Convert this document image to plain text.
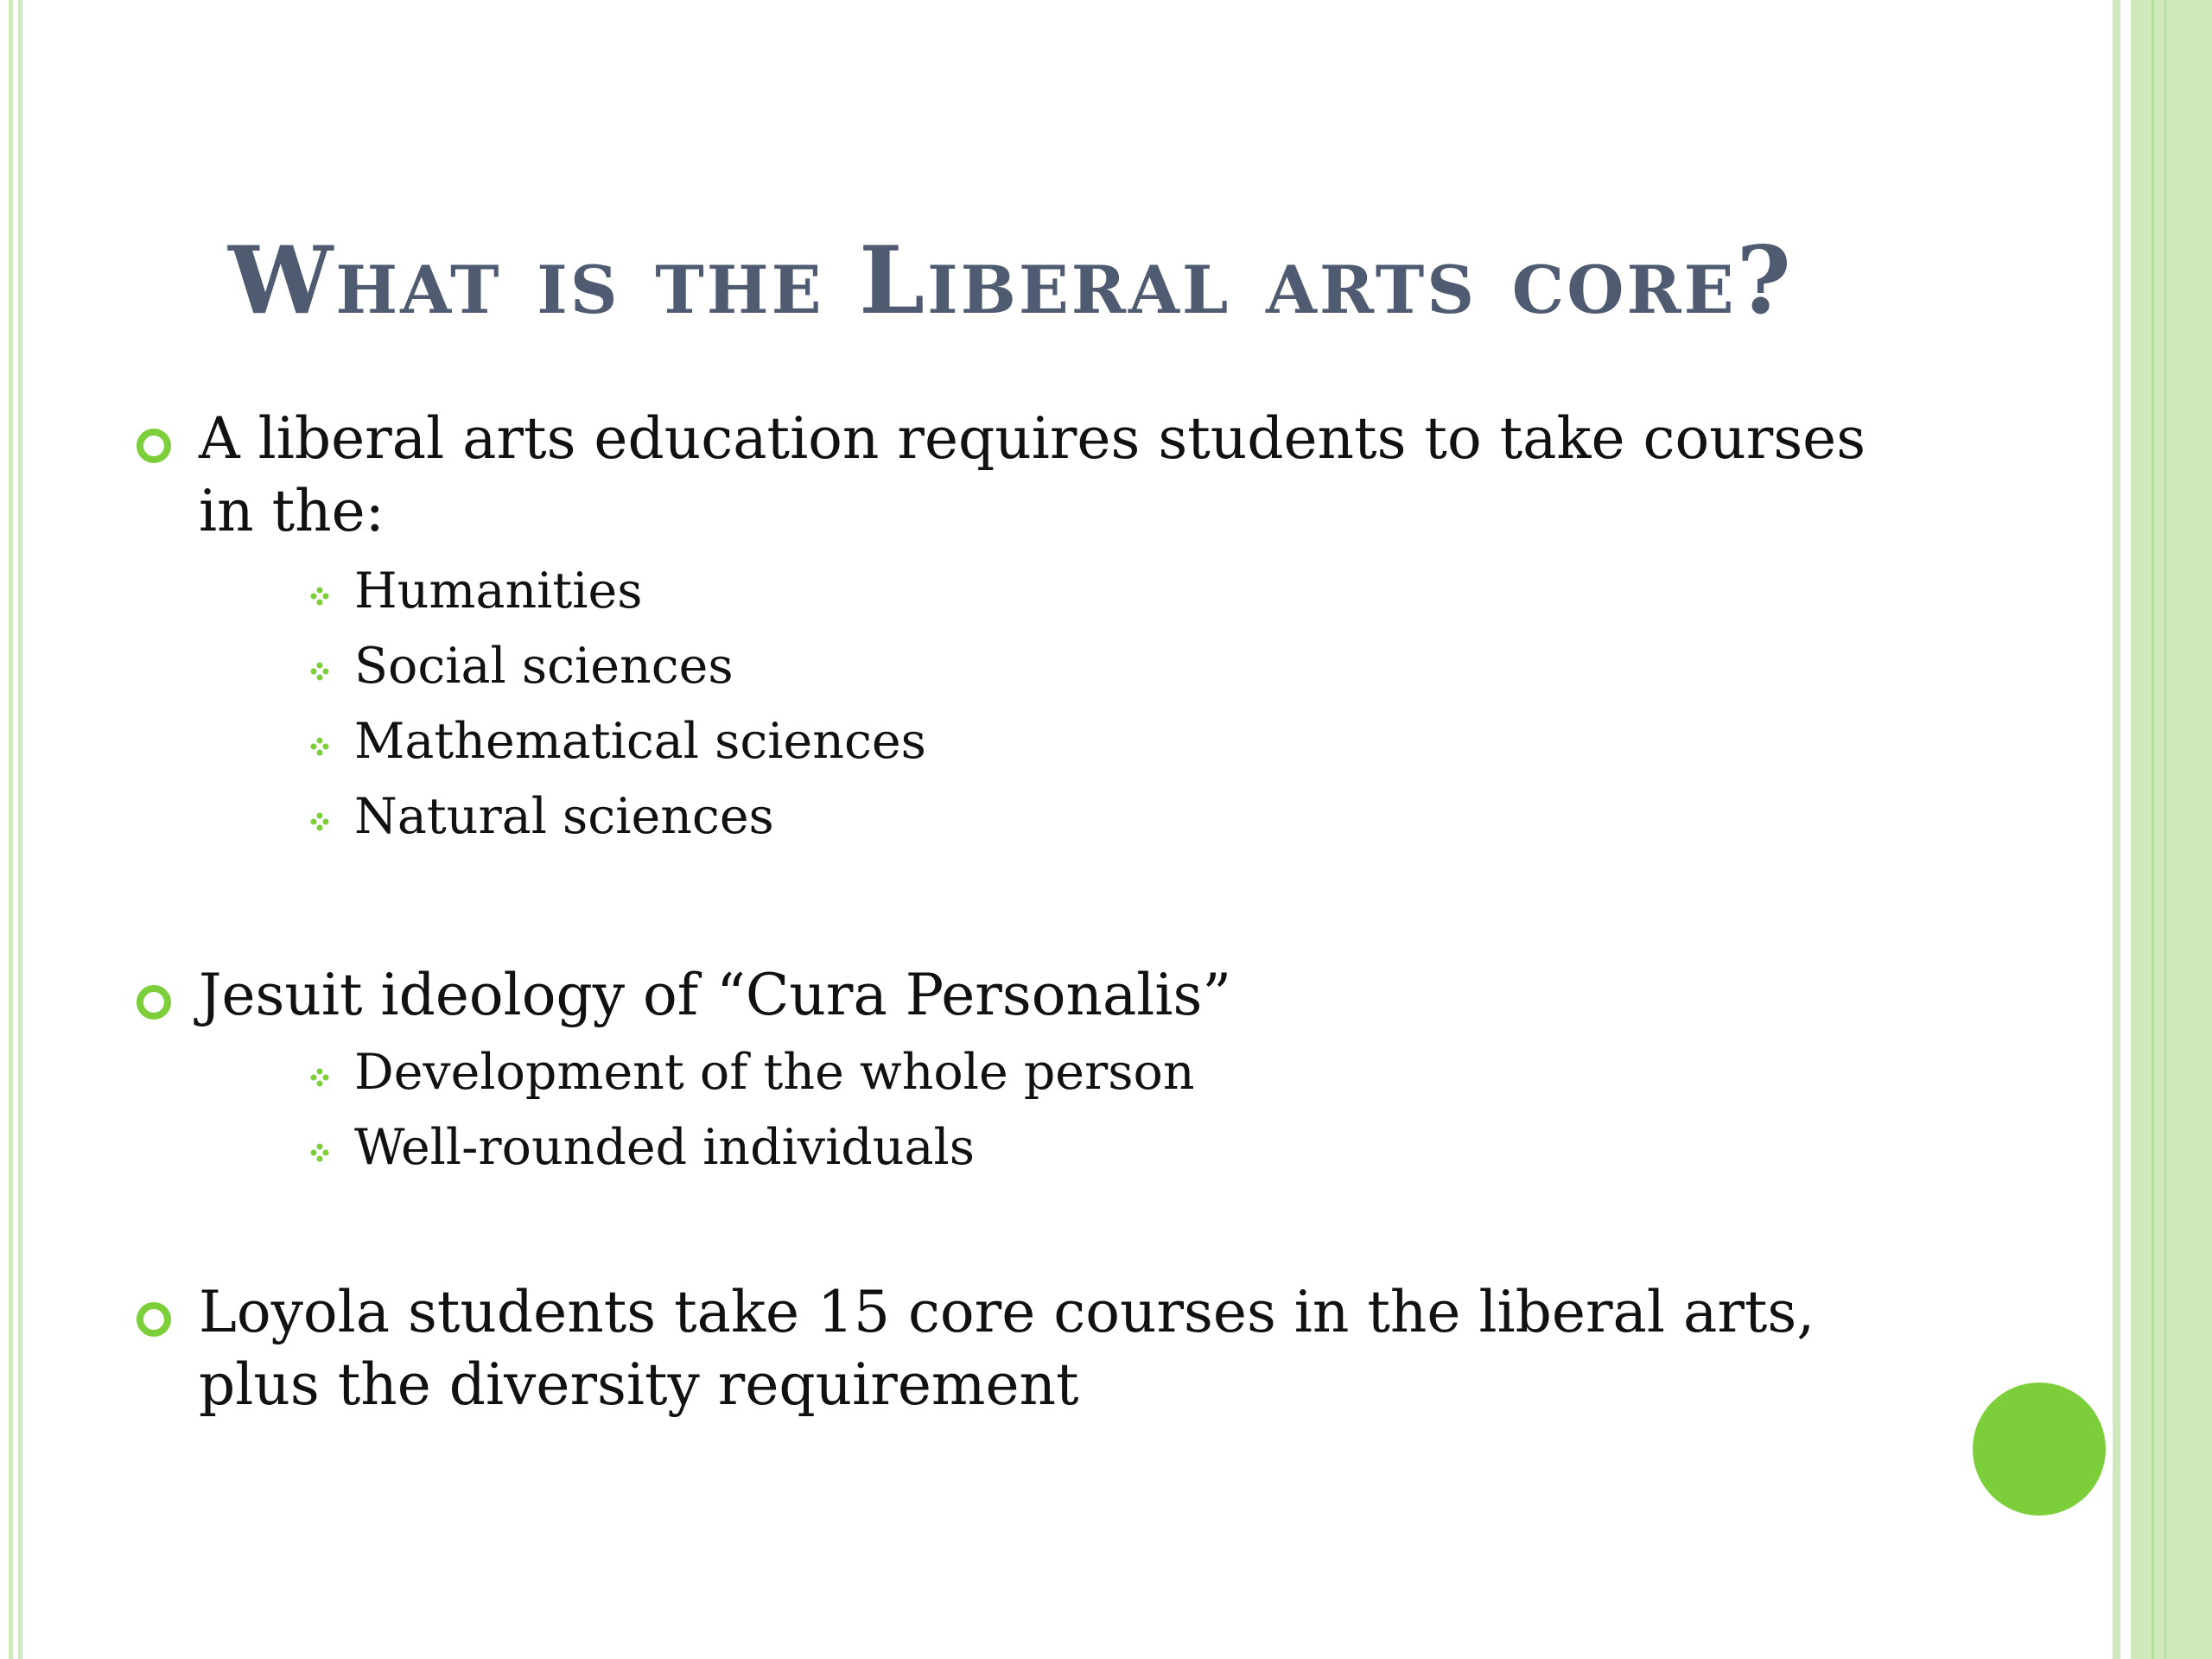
What is the Liberal arts core?
A liberal arts education requires students to take courses in the:
Humanities
Social sciences
Mathematical sciences
Natural sciences
Jesuit ideology of “Cura Personalis”
Development of the whole person
Well-rounded individuals
Loyola students take 15 core courses in the liberal arts, plus the diversity requirement
